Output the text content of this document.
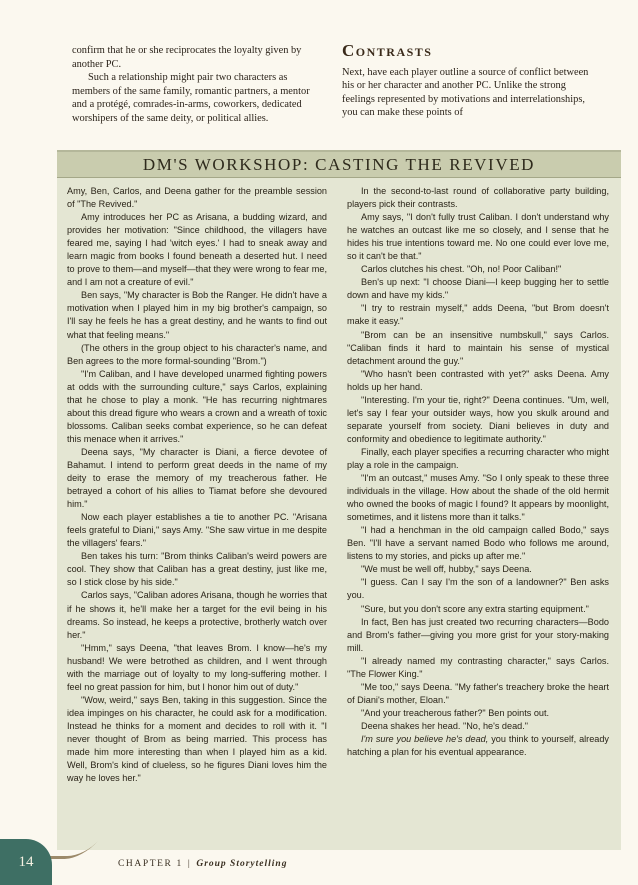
confirm that he or she reciprocates the loyalty given by another PC.

Such a relationship might pair two characters as members of the same family, romantic partners, a mentor and a protégé, comrades-in-arms, coworkers, dedicated worshipers of the same deity, or political allies.

Contrasts

Next, have each player outline a source of conflict between his or her character and another PC. Unlike the strong feelings represented by motivations and interrelationships, you can make these points of

DM'S WORKSHOP: CASTING THE REVIVED

Amy, Ben, Carlos, and Deena gather for the preamble session of "The Revived."

Amy introduces her PC as Arisana, a budding wizard, and provides her motivation: "Since childhood, the villagers have feared me, saying I had 'witch eyes.' I had to sneak away and learn magic from books I found beneath a deserted hut. I need to prove to them—and myself—that they were wrong to fear me, and I am not a creature of evil."

Ben says, "My character is Bob the Ranger. He didn't have a motivation when I played him in my big brother's campaign, so I'll say he feels he has a great destiny, and he wants to find out what that feeling means."

(The others in the group object to his character's name, and Ben agrees to the more formal-sounding "Brom.")

"I'm Caliban, and I have developed unarmed fighting powers at odds with the surrounding culture," says Carlos, explaining that he chose to play a monk. "He has recurring nightmares about this dread figure who wears a crown and a wreath of toxic blossoms. Caliban seeks combat experience, so he can defeat this menace when it arrives."

Deena says, "My character is Diani, a fierce devotee of Bahamut. I intend to perform great deeds in the name of my deity to erase the memory of my treacherous father. He betrayed a cohort of his allies to Tiamat before she devoured him."

Now each player establishes a tie to another PC. "Arisana feels grateful to Diani," says Amy. "She saw virtue in me despite the villagers' fears."

Ben takes his turn: "Brom thinks Caliban's weird powers are cool. They show that Caliban has a great destiny, just like me, so I stick close by his side."

Carlos says, "Caliban adores Arisana, though he worries that if he shows it, he'll make her a target for the evil being in his dreams. So instead, he keeps a protective, brotherly watch over her."

"Hmm," says Deena, "that leaves Brom. I know—he's my husband! We were betrothed as children, and I went through with the marriage out of loyalty to my long-suffering mother. I feel no great passion for him, but I honor him out of duty."

"Wow, weird," says Ben, taking in this suggestion. Since the idea impinges on his character, he could ask for a modification. Instead he thinks for a moment and decides to roll with it. "I never thought of Brom as being married. This process has made him more interesting than when I played him as a kid. Well, Brom's kind of clueless, so he figures Diani loves him the way he loves her."

In the second-to-last round of collaborative party building, players pick their contrasts.

Amy says, "I don't fully trust Caliban. I don't understand why he watches an outcast like me so closely, and I sense that he hides his true intentions toward me. No one could ever love me, so it can't be that."

Carlos clutches his chest. "Oh, no! Poor Caliban!"

Ben's up next: "I choose Diani—I keep bugging her to settle down and have my kids."

"I try to restrain myself," adds Deena, "but Brom doesn't make it easy."

"Brom can be an insensitive numbskull," says Carlos. "Caliban finds it hard to maintain his sense of mystical detachment around the guy."

"Who hasn't been contrasted with yet?" asks Deena. Amy holds up her hand.

"Interesting. I'm your tie, right?" Deena continues. "Um, well, let's say I fear your outsider ways, how you skulk around and separate yourself from society. Diani believes in duty and conformity and obedience to legitimate authority."

Finally, each player specifies a recurring character who might play a role in the campaign.

"I'm an outcast," muses Amy. "So I only speak to these three individuals in the village. How about the shade of the old hermit who owned the books of magic I found? It appears by moonlight, sometimes, and it listens more than it talks."

"I had a henchman in the old campaign called Bodo," says Ben. "I'll have a servant named Bodo who follows me around, listens to my stories, and picks up after me."

"We must be well off, hubby," says Deena.

"I guess. Can I say I'm the son of a landowner?" Ben asks you.

"Sure, but you don't score any extra starting equipment."

In fact, Ben has just created two recurring characters—Bodo and Brom's father—giving you more grist for your story-making mill.

"I already named my contrasting character," says Carlos. "The Flower King."

"Me too," says Deena. "My father's treachery broke the heart of Diani's mother, Eloan."

"And your treacherous father?" Ben points out.

Deena shakes her head. "No, he's dead."

I'm sure you believe he's dead, you think to yourself, already hatching a plan for his eventual appearance.

14	CHAPTER 1 | Group Storytelling
